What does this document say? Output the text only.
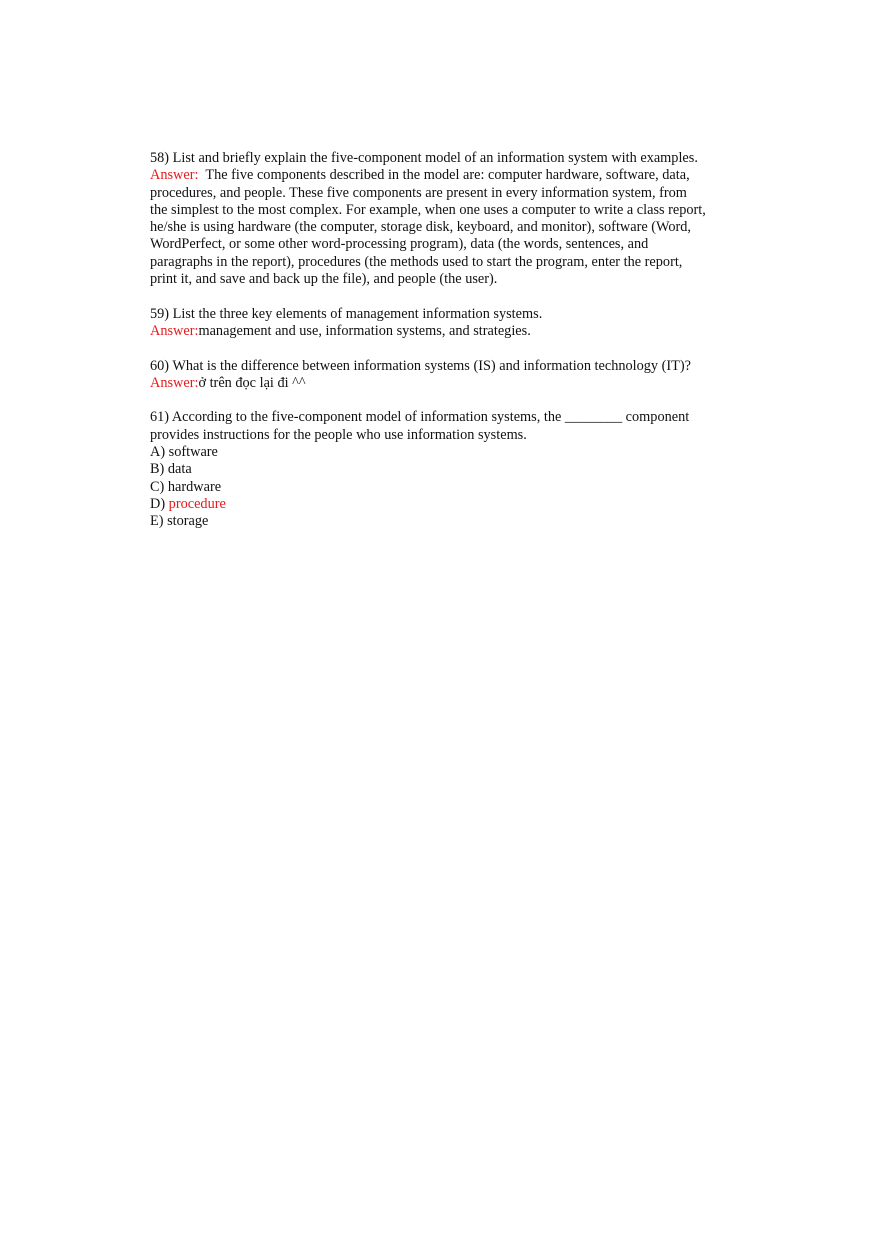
58) List and briefly explain the five-component model of an information system with examples.
Answer:  The five components described in the model are: computer hardware, software, data,
procedures, and people. These five components are present in every information system, from
the simplest to the most complex. For example, when one uses a computer to write a class report,
he/she is using hardware (the computer, storage disk, keyboard, and monitor), software (Word,
WordPerfect, or some other word-processing program), data (the words, sentences, and
paragraphs in the report), procedures (the methods used to start the program, enter the report,
print it, and save and back up the file), and people (the user).
59) List the three key elements of management information systems.
Answer:management and use, information systems, and strategies.
60) What is the difference between information systems (IS) and information technology (IT)?
Answer:ở trên đọc lại đi ^^
61) According to the five-component model of information systems, the ________ component
provides instructions for the people who use information systems.
A) software
B) data
C) hardware
D) procedure
E) storage
